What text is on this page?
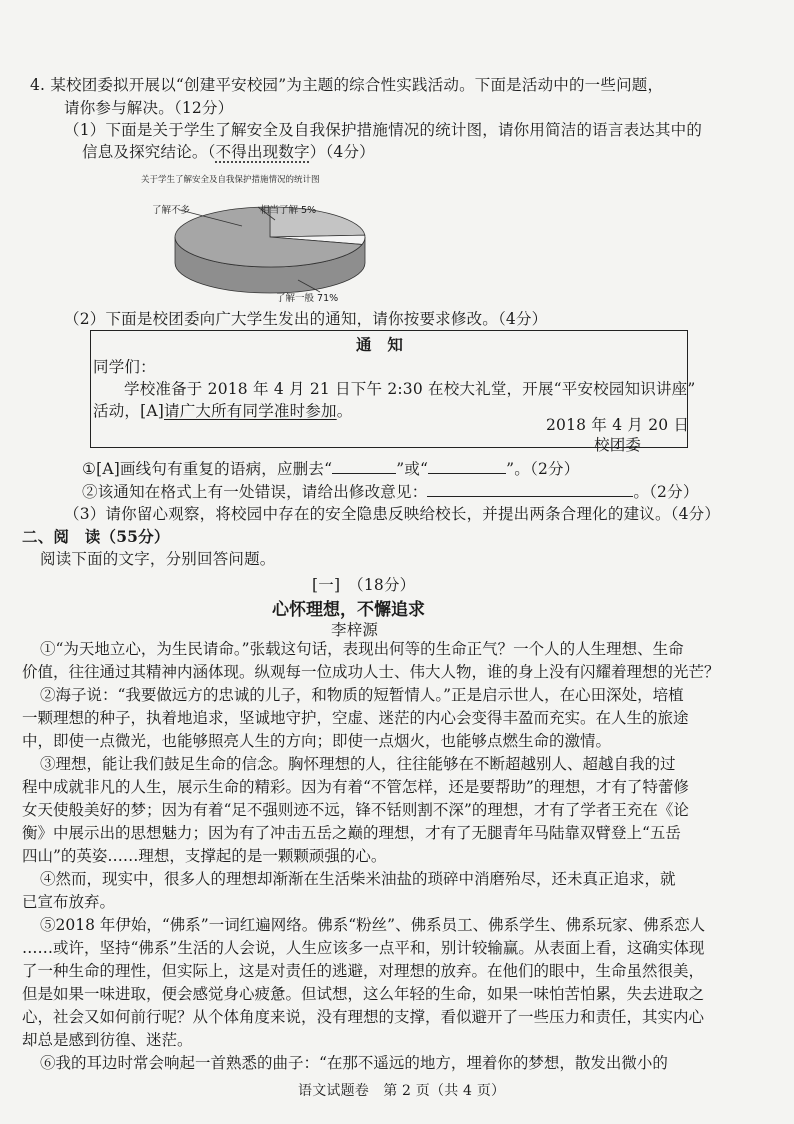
4. 某校团委拟开展以“创建平安校园”为主题的综合性实践活动。下面是活动中的一些问题，
请你参与解决。（12分）
（1）下面是关于学生了解安全及自我保护措施情况的统计图，请你用简洁的语言表达其中的
信息及探究结论。（不得出现数字）（4分）
关于学生了解安全及自我保护措施情况的统计图
了解不多	相当了解 5%
了解一般 71%
（2）下面是校团委向广大学生发出的通知，请你按要求修改。（4分）
通　知
同学们：
学校准备于 2018 年 4 月 21 日下午 2:30 在校大礼堂，开展“平安校园知识讲座”
活动，[A]请广大所有同学准时参加。
2018 年 4 月 20 日
校团委
①[A]画线句有重复的语病，应删去“	”或“	”。（2分）
②该通知在格式上有一处错误，请给出修改意见：	。（2分）
（3）请你留心观察，将校园中存在的安全隐患反映给校长，并提出两条合理化的建议。（4分）
二、阅　读（55分）
阅读下面的文字，分别回答问题。
[一]　（18分）
心怀理想，不懈追求
李梓源
①“为天地立心，为生民请命。”张载这句话，表现出何等的生命正气？一个人的人生理想、生命
价值，往往通过其精神内涵体现。纵观每一位成功人士、伟大人物，谁的身上没有闪耀着理想的光芒？
②海子说：“我要做远方的忠诚的儿子，和物质的短暂情人。”正是启示世人，在心田深处，培植
一颗理想的种子，执着地追求，坚诚地守护，空虚、迷茫的内心会变得丰盈而充实。在人生的旅途
中，即使一点微光，也能够照亮人生的方向；即使一点烟火，也能够点燃生命的激情。
③理想，能让我们鼓足生命的信念。胸怀理想的人，往往能够在不断超越别人、超越自我的过
程中成就非凡的人生，展示生命的精彩。因为有着“不管怎样，还是要帮助”的理想，才有了特蕾修
女天使般美好的梦；因为有着“足不强则迹不远，锋不铦则割不深”的理想，才有了学者王充在《论
衡》中展示出的思想魅力；因为有了冲击五岳之巅的理想，才有了无腿青年马陆靠双臂登上“五岳
四山”的英姿……理想，支撑起的是一颗颗顽强的心。
④然而，现实中，很多人的理想却渐渐在生活柴米油盐的琐碎中消磨殆尽，还未真正追求，就
已宣布放弃。
⑤2018 年伊始，“佛系”一词红遍网络。佛系“粉丝”、佛系员工、佛系学生、佛系玩家、佛系恋人
……或许，坚持“佛系”生活的人会说，人生应该多一点平和，别计较输赢。从表面上看，这确实体现
了一种生命的理性，但实际上，这是对责任的逃避，对理想的放弃。在他们的眼中，生命虽然很美，
但是如果一味进取，便会感觉身心疲惫。但试想，这么年轻的生命，如果一味怕苦怕累，失去进取之
心，社会又如何前行呢？从个体角度来说，没有理想的支撑，看似避开了一些压力和责任，其实内心
却总是感到彷徨、迷茫。
⑥我的耳边时常会响起一首熟悉的曲子：“在那不遥远的地方，埋着你的梦想，散发出微小的
语文试题卷　第 2 页（共 4 页）
